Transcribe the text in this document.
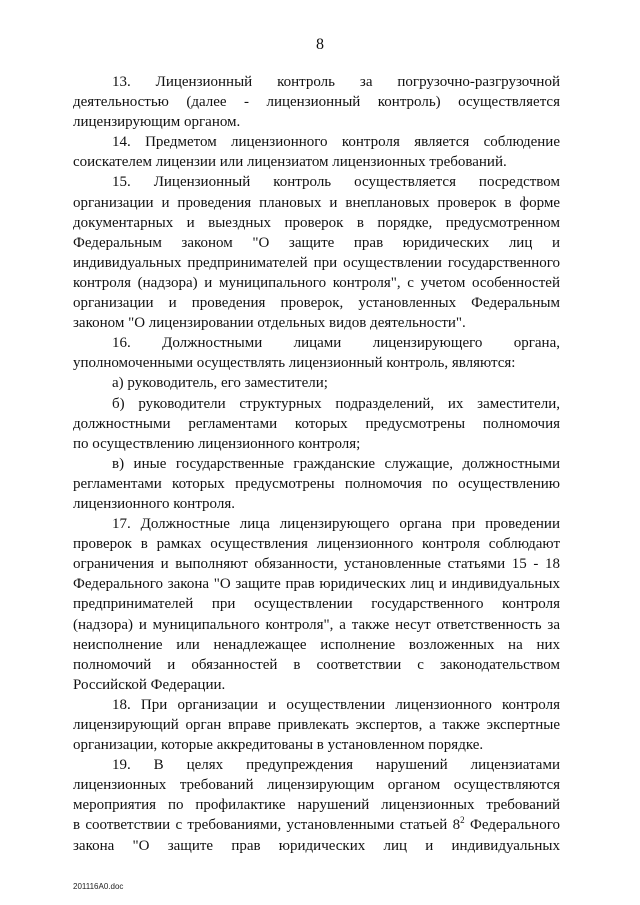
8
13. Лицензионный контроль за погрузочно-разгрузочной
деятельностью (далее - лицензионный контроль) осуществляется
лицензирующим органом.
14. Предметом лицензионного контроля является соблюдение
соискателем лицензии или лицензиатом лицензионных требований.
15. Лицензионный контроль осуществляется посредством
организации и проведения плановых и внеплановых проверок в форме
документарных и выездных проверок в порядке, предусмотренном
Федеральным законом "О защите прав юридических лиц и
индивидуальных предпринимателей при осуществлении государственного
контроля (надзора) и муниципального контроля", с учетом особенностей
организации и проведения проверок, установленных Федеральным
законом "О лицензировании отдельных видов деятельности".
16. Должностными лицами лицензирующего органа,
уполномоченными осуществлять лицензионный контроль, являются:
а) руководитель, его заместители;
б) руководители структурных подразделений, их заместители,
должностными регламентами которых предусмотрены полномочия
по осуществлению лицензионного контроля;
в) иные государственные гражданские служащие, должностными
регламентами которых предусмотрены полномочия по осуществлению
лицензионного контроля.
17. Должностные лица лицензирующего органа при проведении
проверок в рамках осуществления лицензионного контроля соблюдают
ограничения и выполняют обязанности, установленные статьями 15 - 18
Федерального закона "О защите прав юридических лиц и индивидуальных
предпринимателей при осуществлении государственного контроля
(надзора) и муниципального контроля", а также несут ответственность за
неисполнение или ненадлежащее исполнение возложенных на них
полномочий и обязанностей в соответствии с законодательством
Российской Федерации.
18. При организации и осуществлении лицензионного контроля
лицензирующий орган вправе привлекать экспертов, а также экспертные
организации, которые аккредитованы в установленном порядке.
19. В целях предупреждения нарушений лицензиатами
лицензионных требований лицензирующим органом осуществляются
мероприятия по профилактике нарушений лицензионных требований
в соответствии с требованиями, установленными статьей $8^2$ Федерального
закона "О защите прав юридических лиц и индивидуальных
201116A0.doc
